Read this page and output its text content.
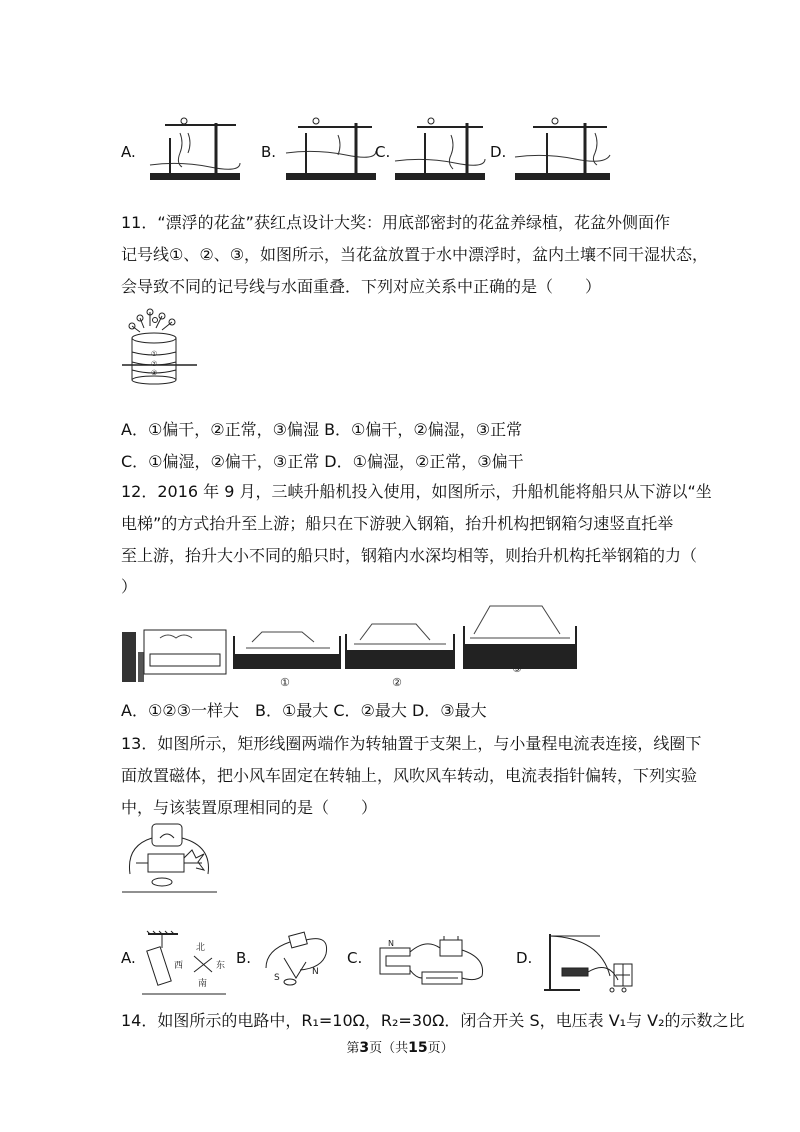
A.	B.	C.	D.
11．“漂浮的花盆”获红点设计大奖：用底部密封的花盆养绿植，花盆外侧面作
记号线①、②、③，如图所示，当花盆放置于水中漂浮时，盆内土壤不同干湿状态，
会导致不同的记号线与水面重叠．下列对应关系中正确的是（　　）
①
②
③
A．①偏干，②正常，③偏湿 B．①偏干，②偏湿，③正常
C．①偏湿，②偏干，③正常 D．①偏湿，②正常，③偏干
12．2016 年 9 月，三峡升船机投入使用，如图所示，升船机能将船只从下游以“坐
电梯”的方式抬升至上游；船只在下游驶入钢箱，抬升机构把钢箱匀速竖直托举
至上游，抬升大小不同的船只时，钢箱内水深均相等，则抬升机构托举钢箱的力（
）
①	②
③
A．①②③一样大　B．①最大 C．②最大 D．③最大
13．如图所示，矩形线圈两端作为转轴置于支架上，与小量程电流表连接，线圈下
面放置磁体，把小风车固定在转轴上，风吹风车转动，电流表指针偏转，下列实验
中，与该装置原理相同的是（　　）
A.
北
东
西
南
B.
N
S
C.
N
D.
14．如图所示的电路中，R₁=10Ω，R₂=30Ω．闭合开关 S，电压表 V₁与 V₂的示数之比
第3页（共15页）
